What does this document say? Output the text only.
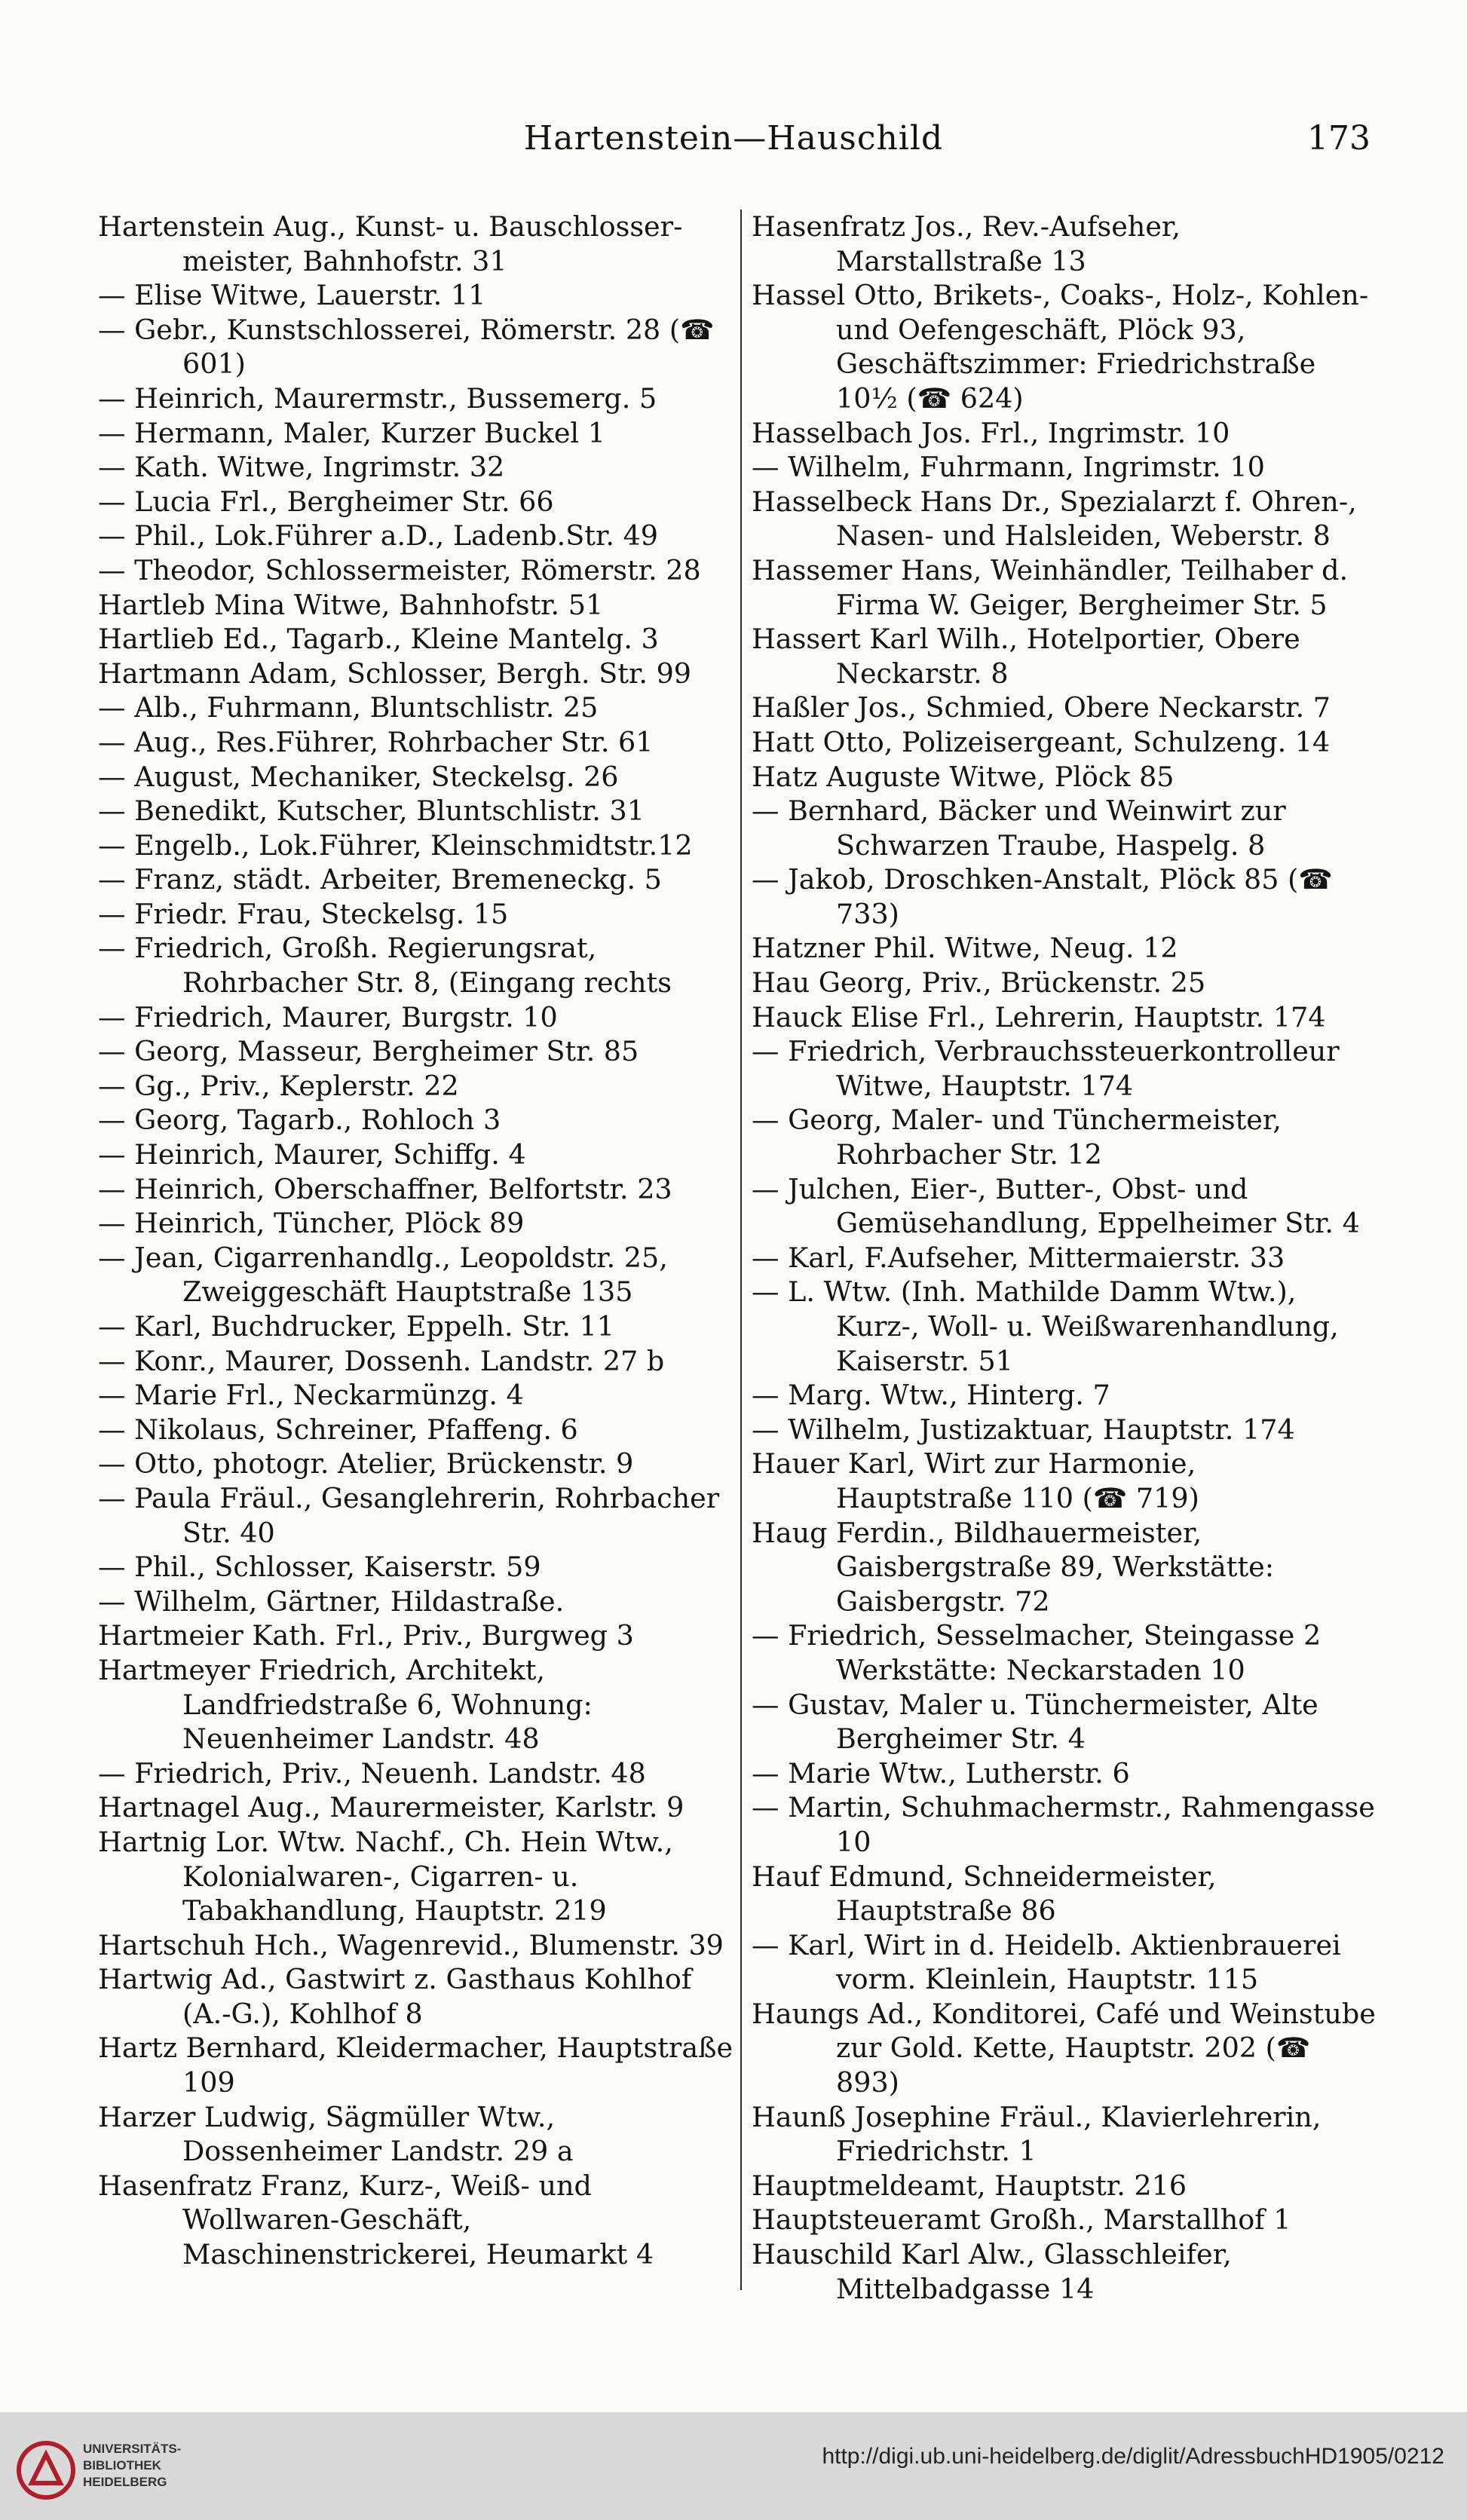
Hartenstein—Hauschild	173

Hartenstein Aug., Kunst- u. Bauschlosser-meister, Bahnhofstr. 31

— Elise Witwe, Lauerstr. 11

— Gebr., Kunstschlosserei, Römerstr. 28 (☎ 601)

— Heinrich, Maurermstr., Bussemerg. 5

— Hermann, Maler, Kurzer Buckel 1

— Kath. Witwe, Ingrimstr. 32

— Lucia Frl., Bergheimer Str. 66

— Phil., Lok.Führer a.D., Ladenb.Str. 49

— Theodor, Schlossermeister, Römerstr. 28

Hartleb Mina Witwe, Bahnhofstr. 51

Hartlieb Ed., Tagarb., Kleine Mantelg. 3

Hartmann Adam, Schlosser, Bergh. Str. 99

— Alb., Fuhrmann, Bluntschlistr. 25

— Aug., Res.Führer, Rohrbacher Str. 61

— August, Mechaniker, Steckelsg. 26

— Benedikt, Kutscher, Bluntschlistr. 31

— Engelb., Lok.Führer, Kleinschmidtstr.12

— Franz, städt. Arbeiter, Bremeneckg. 5

— Friedr. Frau, Steckelsg. 15

— Friedrich, Großh. Regierungsrat, Rohrbacher Str. 8, (Eingang rechts

— Friedrich, Maurer, Burgstr. 10

— Georg, Masseur, Bergheimer Str. 85

— Gg., Priv., Keplerstr. 22

— Georg, Tagarb., Rohloch 3

— Heinrich, Maurer, Schiffg. 4

— Heinrich, Oberschaffner, Belfortstr. 23

— Heinrich, Tüncher, Plöck 89

— Jean, Cigarrenhandlg., Leopoldstr. 25, Zweiggeschäft Hauptstraße 135

— Karl, Buchdrucker, Eppelh. Str. 11

— Konr., Maurer, Dossenh. Landstr. 27 b

— Marie Frl., Neckarmünzg. 4

— Nikolaus, Schreiner, Pfaffeng. 6

— Otto, photogr. Atelier, Brückenstr. 9

— Paula Fräul., Gesanglehrerin, Rohrbacher Str. 40

— Phil., Schlosser, Kaiserstr. 59

— Wilhelm, Gärtner, Hildastraße.

Hartmeier Kath. Frl., Priv., Burgweg 3

Hartmeyer Friedrich, Architekt, Landfriedstraße 6, Wohnung: Neuenheimer Landstr. 48

— Friedrich, Priv., Neuenh. Landstr. 48

Hartnagel Aug., Maurermeister, Karlstr. 9

Hartnig Lor. Wtw. Nachf., Ch. Hein Wtw., Kolonialwaren-, Cigarren- u. Tabakhandlung, Hauptstr. 219

Hartschuh Hch., Wagenrevid., Blumenstr. 39

Hartwig Ad., Gastwirt z. Gasthaus Kohlhof (A.-G.), Kohlhof 8

Hartz Bernhard, Kleidermacher, Hauptstraße 109

Harzer Ludwig, Sägmüller Wtw., Dossenheimer Landstr. 29 a

Hasenfratz Franz, Kurz-, Weiß- und Wollwaren-Geschäft, Maschinenstrickerei, Heumarkt 4

Hasenfratz Jos., Rev.-Aufseher, Marstallstraße 13

Hassel Otto, Brikets-, Coaks-, Holz-, Kohlen- und Oefengeschäft, Plöck 93, Geschäftszimmer: Friedrichstraße 10½ (☎ 624)

Hasselbach Jos. Frl., Ingrimstr. 10

— Wilhelm, Fuhrmann, Ingrimstr. 10

Hasselbeck Hans Dr., Spezialarzt f. Ohren-, Nasen- und Halsleiden, Weberstr. 8

Hassemer Hans, Weinhändler, Teilhaber d. Firma W. Geiger, Bergheimer Str. 5

Hassert Karl Wilh., Hotelportier, Obere Neckarstr. 8

Haßler Jos., Schmied, Obere Neckarstr. 7

Hatt Otto, Polizeisergeant, Schulzeng. 14

Hatz Auguste Witwe, Plöck 85

— Bernhard, Bäcker und Weinwirt zur Schwarzen Traube, Haspelg. 8

— Jakob, Droschken-Anstalt, Plöck 85 (☎ 733)

Hatzner Phil. Witwe, Neug. 12

Hau Georg, Priv., Brückenstr. 25

Hauck Elise Frl., Lehrerin, Hauptstr. 174

— Friedrich, Verbrauchssteuerkontrolleur Witwe, Hauptstr. 174

— Georg, Maler- und Tünchermeister, Rohrbacher Str. 12

— Julchen, Eier-, Butter-, Obst- und Gemüsehandlung, Eppelheimer Str. 4

— Karl, F.Aufseher, Mittermaierstr. 33

— L. Wtw. (Inh. Mathilde Damm Wtw.), Kurz-, Woll- u. Weißwarenhandlung, Kaiserstr. 51

— Marg. Wtw., Hinterg. 7

— Wilhelm, Justizaktuar, Hauptstr. 174

Hauer Karl, Wirt zur Harmonie, Hauptstraße 110 (☎ 719)

Haug Ferdin., Bildhauermeister, Gaisbergstraße 89, Werkstätte: Gaisbergstr. 72

— Friedrich, Sesselmacher, Steingasse 2 Werkstätte: Neckarstaden 10

— Gustav, Maler u. Tünchermeister, Alte Bergheimer Str. 4

— Marie Wtw., Lutherstr. 6

— Martin, Schuhmachermstr., Rahmengasse 10

Hauf Edmund, Schneidermeister, Hauptstraße 86

— Karl, Wirt in d. Heidelb. Aktienbrauerei vorm. Kleinlein, Hauptstr. 115

Haungs Ad., Konditorei, Café und Weinstube zur Gold. Kette, Hauptstr. 202 (☎ 893)

Haunß Josephine Fräul., Klavierlehrerin, Friedrichstr. 1

Hauptmeldeamt, Hauptstr. 216

Hauptsteueramt Großh., Marstallhof 1

Hauschild Karl Alw., Glasschleifer, Mittelbadgasse 14

UNIVERSITÄTS-
BIBLIOTHEK
HEIDELBERG
http://digi.ub.uni-heidelberg.de/diglit/AdressbuchHD1905/0212
